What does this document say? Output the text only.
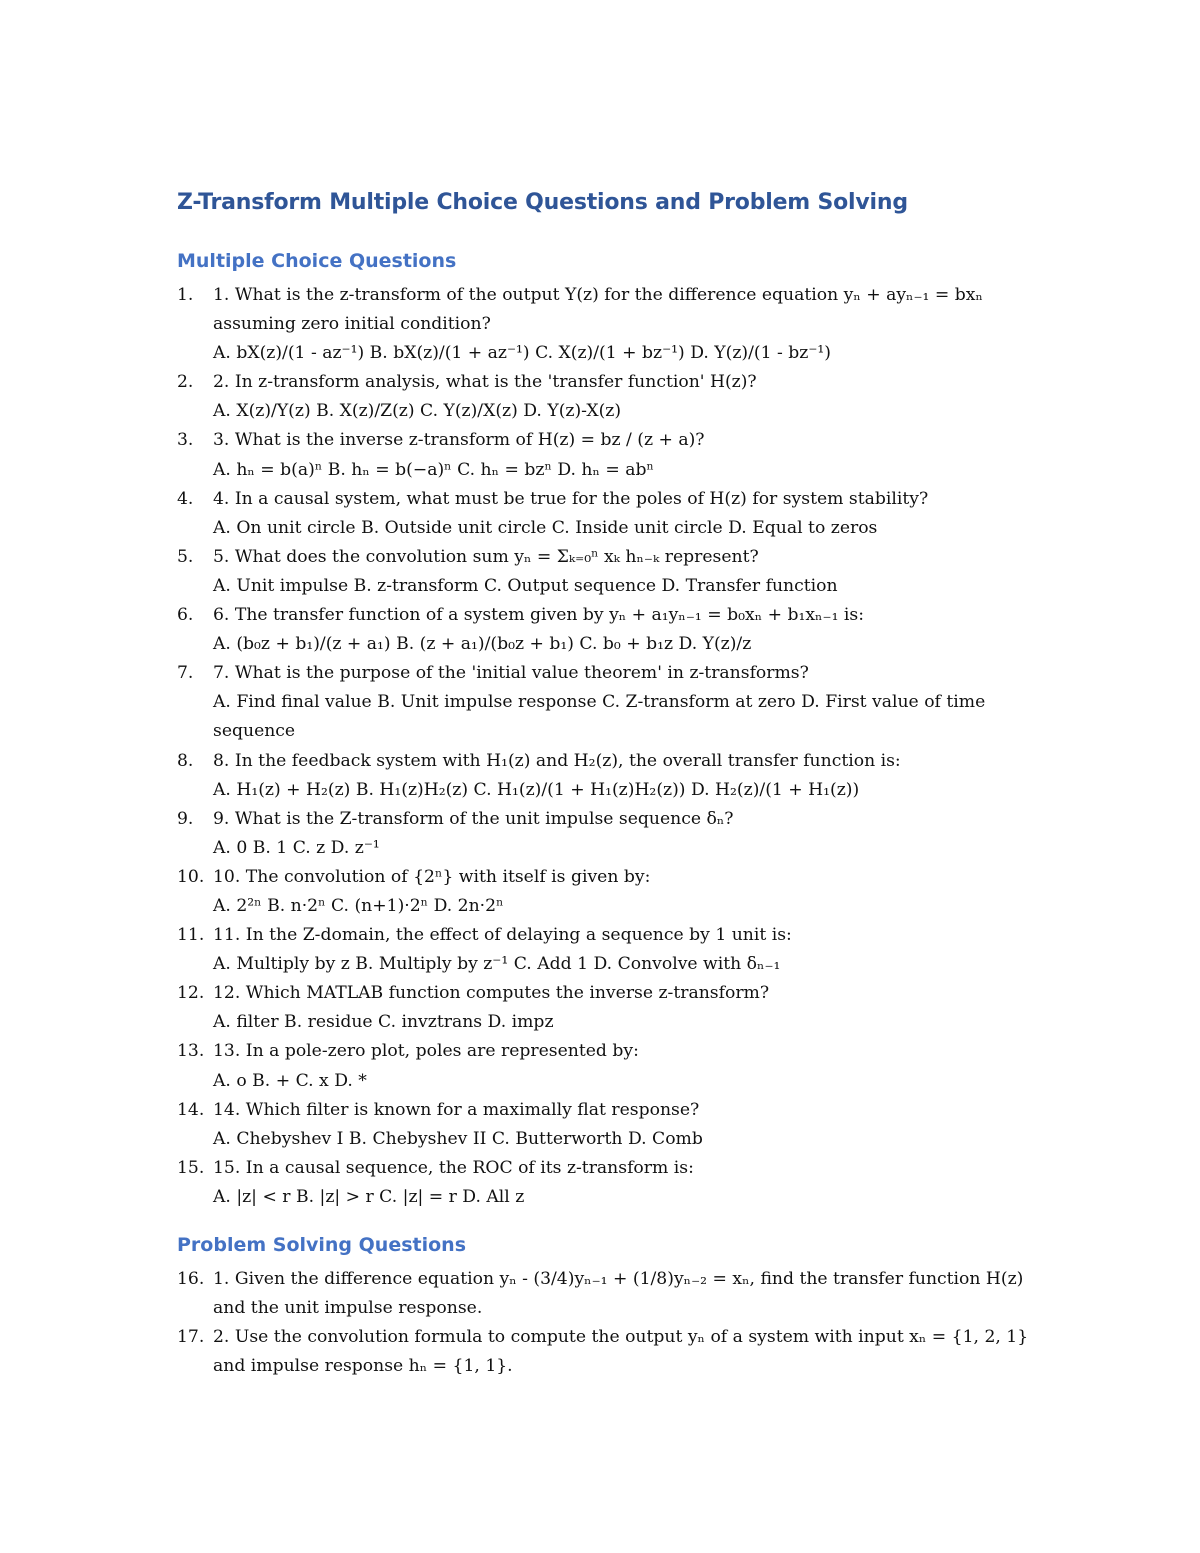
Z-Transform Multiple Choice Questions and Problem Solving
Multiple Choice Questions
1. 1. What is the z-transform of the output Y(z) for the difference equation yₙ + ayₙ₋₁ = bxₙ assuming zero initial condition?
A. bX(z)/(1 - az⁻¹) B. bX(z)/(1 + az⁻¹) C. X(z)/(1 + bz⁻¹) D. Y(z)/(1 - bz⁻¹)
2. 2. In z-transform analysis, what is the 'transfer function' H(z)?
A. X(z)/Y(z) B. X(z)/Z(z) C. Y(z)/X(z) D. Y(z)-X(z)
3. 3. What is the inverse z-transform of H(z) = bz / (z + a)?
A. hₙ = b(a)ⁿ B. hₙ = b(−a)ⁿ C. hₙ = bzⁿ D. hₙ = abⁿ
4. 4. In a causal system, what must be true for the poles of H(z) for system stability?
A. On unit circle B. Outside unit circle C. Inside unit circle D. Equal to zeros
5. 5. What does the convolution sum yₙ = Σₖ₌₀ⁿ xₖ hₙ₋ₖ represent?
A. Unit impulse B. z-transform C. Output sequence D. Transfer function
6. 6. The transfer function of a system given by yₙ + a₁yₙ₋₁ = b₀xₙ + b₁xₙ₋₁ is:
A. (b₀z + b₁)/(z + a₁) B. (z + a₁)/(b₀z + b₁) C. b₀ + b₁z D. Y(z)/z
7. 7. What is the purpose of the 'initial value theorem' in z-transforms?
A. Find final value B. Unit impulse response C. Z-transform at zero D. First value of time sequence
8. 8. In the feedback system with H₁(z) and H₂(z), the overall transfer function is:
A. H₁(z) + H₂(z) B. H₁(z)H₂(z) C. H₁(z)/(1 + H₁(z)H₂(z)) D. H₂(z)/(1 + H₁(z))
9. 9. What is the Z-transform of the unit impulse sequence δₙ?
A. 0 B. 1 C. z D. z⁻¹
10. 10. The convolution of {2ⁿ} with itself is given by:
A. 2²ⁿ B. n·2ⁿ C. (n+1)·2ⁿ D. 2n·2ⁿ
11. 11. In the Z-domain, the effect of delaying a sequence by 1 unit is:
A. Multiply by z B. Multiply by z⁻¹ C. Add 1 D. Convolve with δₙ₋₁
12. 12. Which MATLAB function computes the inverse z-transform?
A. filter B. residue C. invztrans D. impz
13. 13. In a pole-zero plot, poles are represented by:
A. o B. + C. x D. *
14. 14. Which filter is known for a maximally flat response?
A. Chebyshev I B. Chebyshev II C. Butterworth D. Comb
15. 15. In a causal sequence, the ROC of its z-transform is:
A. |z| < r B. |z| > r C. |z| = r D. All z
Problem Solving Questions
16. 1. Given the difference equation yₙ - (3/4)yₙ₋₁ + (1/8)yₙ₋₂ = xₙ, find the transfer function H(z) and the unit impulse response.
17. 2. Use the convolution formula to compute the output yₙ of a system with input xₙ = {1, 2, 1} and impulse response hₙ = {1, 1}.
